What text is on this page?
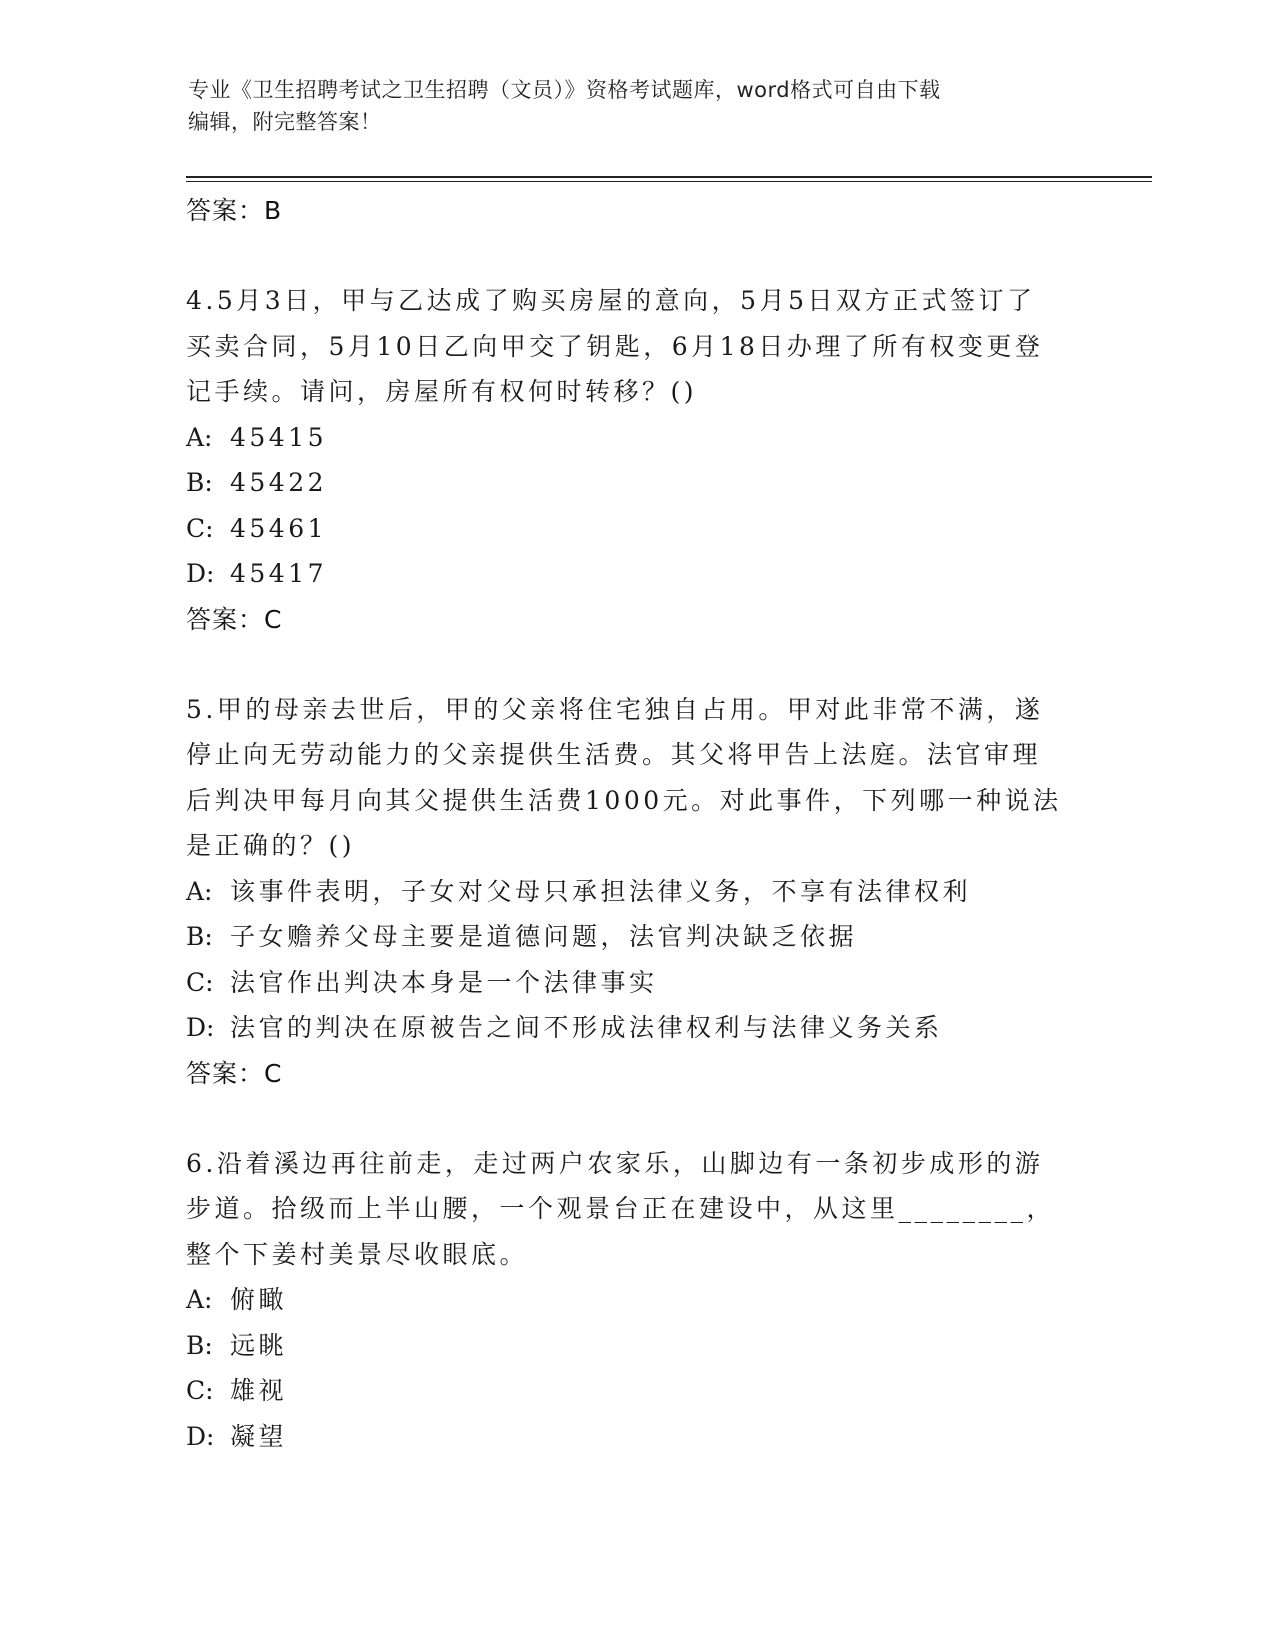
专业《卫生招聘考试之卫生招聘（文员）》资格考试题库，word格式可自由下载
编辑，附完整答案！
答案：B
4.5月3日，甲与乙达成了购买房屋的意向，5月5日双方正式签订了
买卖合同，5月10日乙向甲交了钥匙，6月18日办理了所有权变更登
记手续。请问，房屋所有权何时转移？()
A: 45415
B: 45422
C: 45461
D: 45417
答案：C
5.甲的母亲去世后，甲的父亲将住宅独自占用。甲对此非常不满，遂
停止向无劳动能力的父亲提供生活费。其父将甲告上法庭。法官审理
后判决甲每月向其父提供生活费1000元。对此事件，下列哪一种说法
是正确的？()
A: 该事件表明，子女对父母只承担法律义务，不享有法律权利
B: 子女赡养父母主要是道德问题，法官判决缺乏依据
C: 法官作出判决本身是一个法律事实
D: 法官的判决在原被告之间不形成法律权利与法律义务关系
答案：C
6.沿着溪边再往前走，走过两户农家乐，山脚边有一条初步成形的游
步道。拾级而上半山腰，一个观景台正在建设中，从这里________，
整个下姜村美景尽收眼底。
A: 俯瞰
B: 远眺
C: 雄视
D: 凝望
